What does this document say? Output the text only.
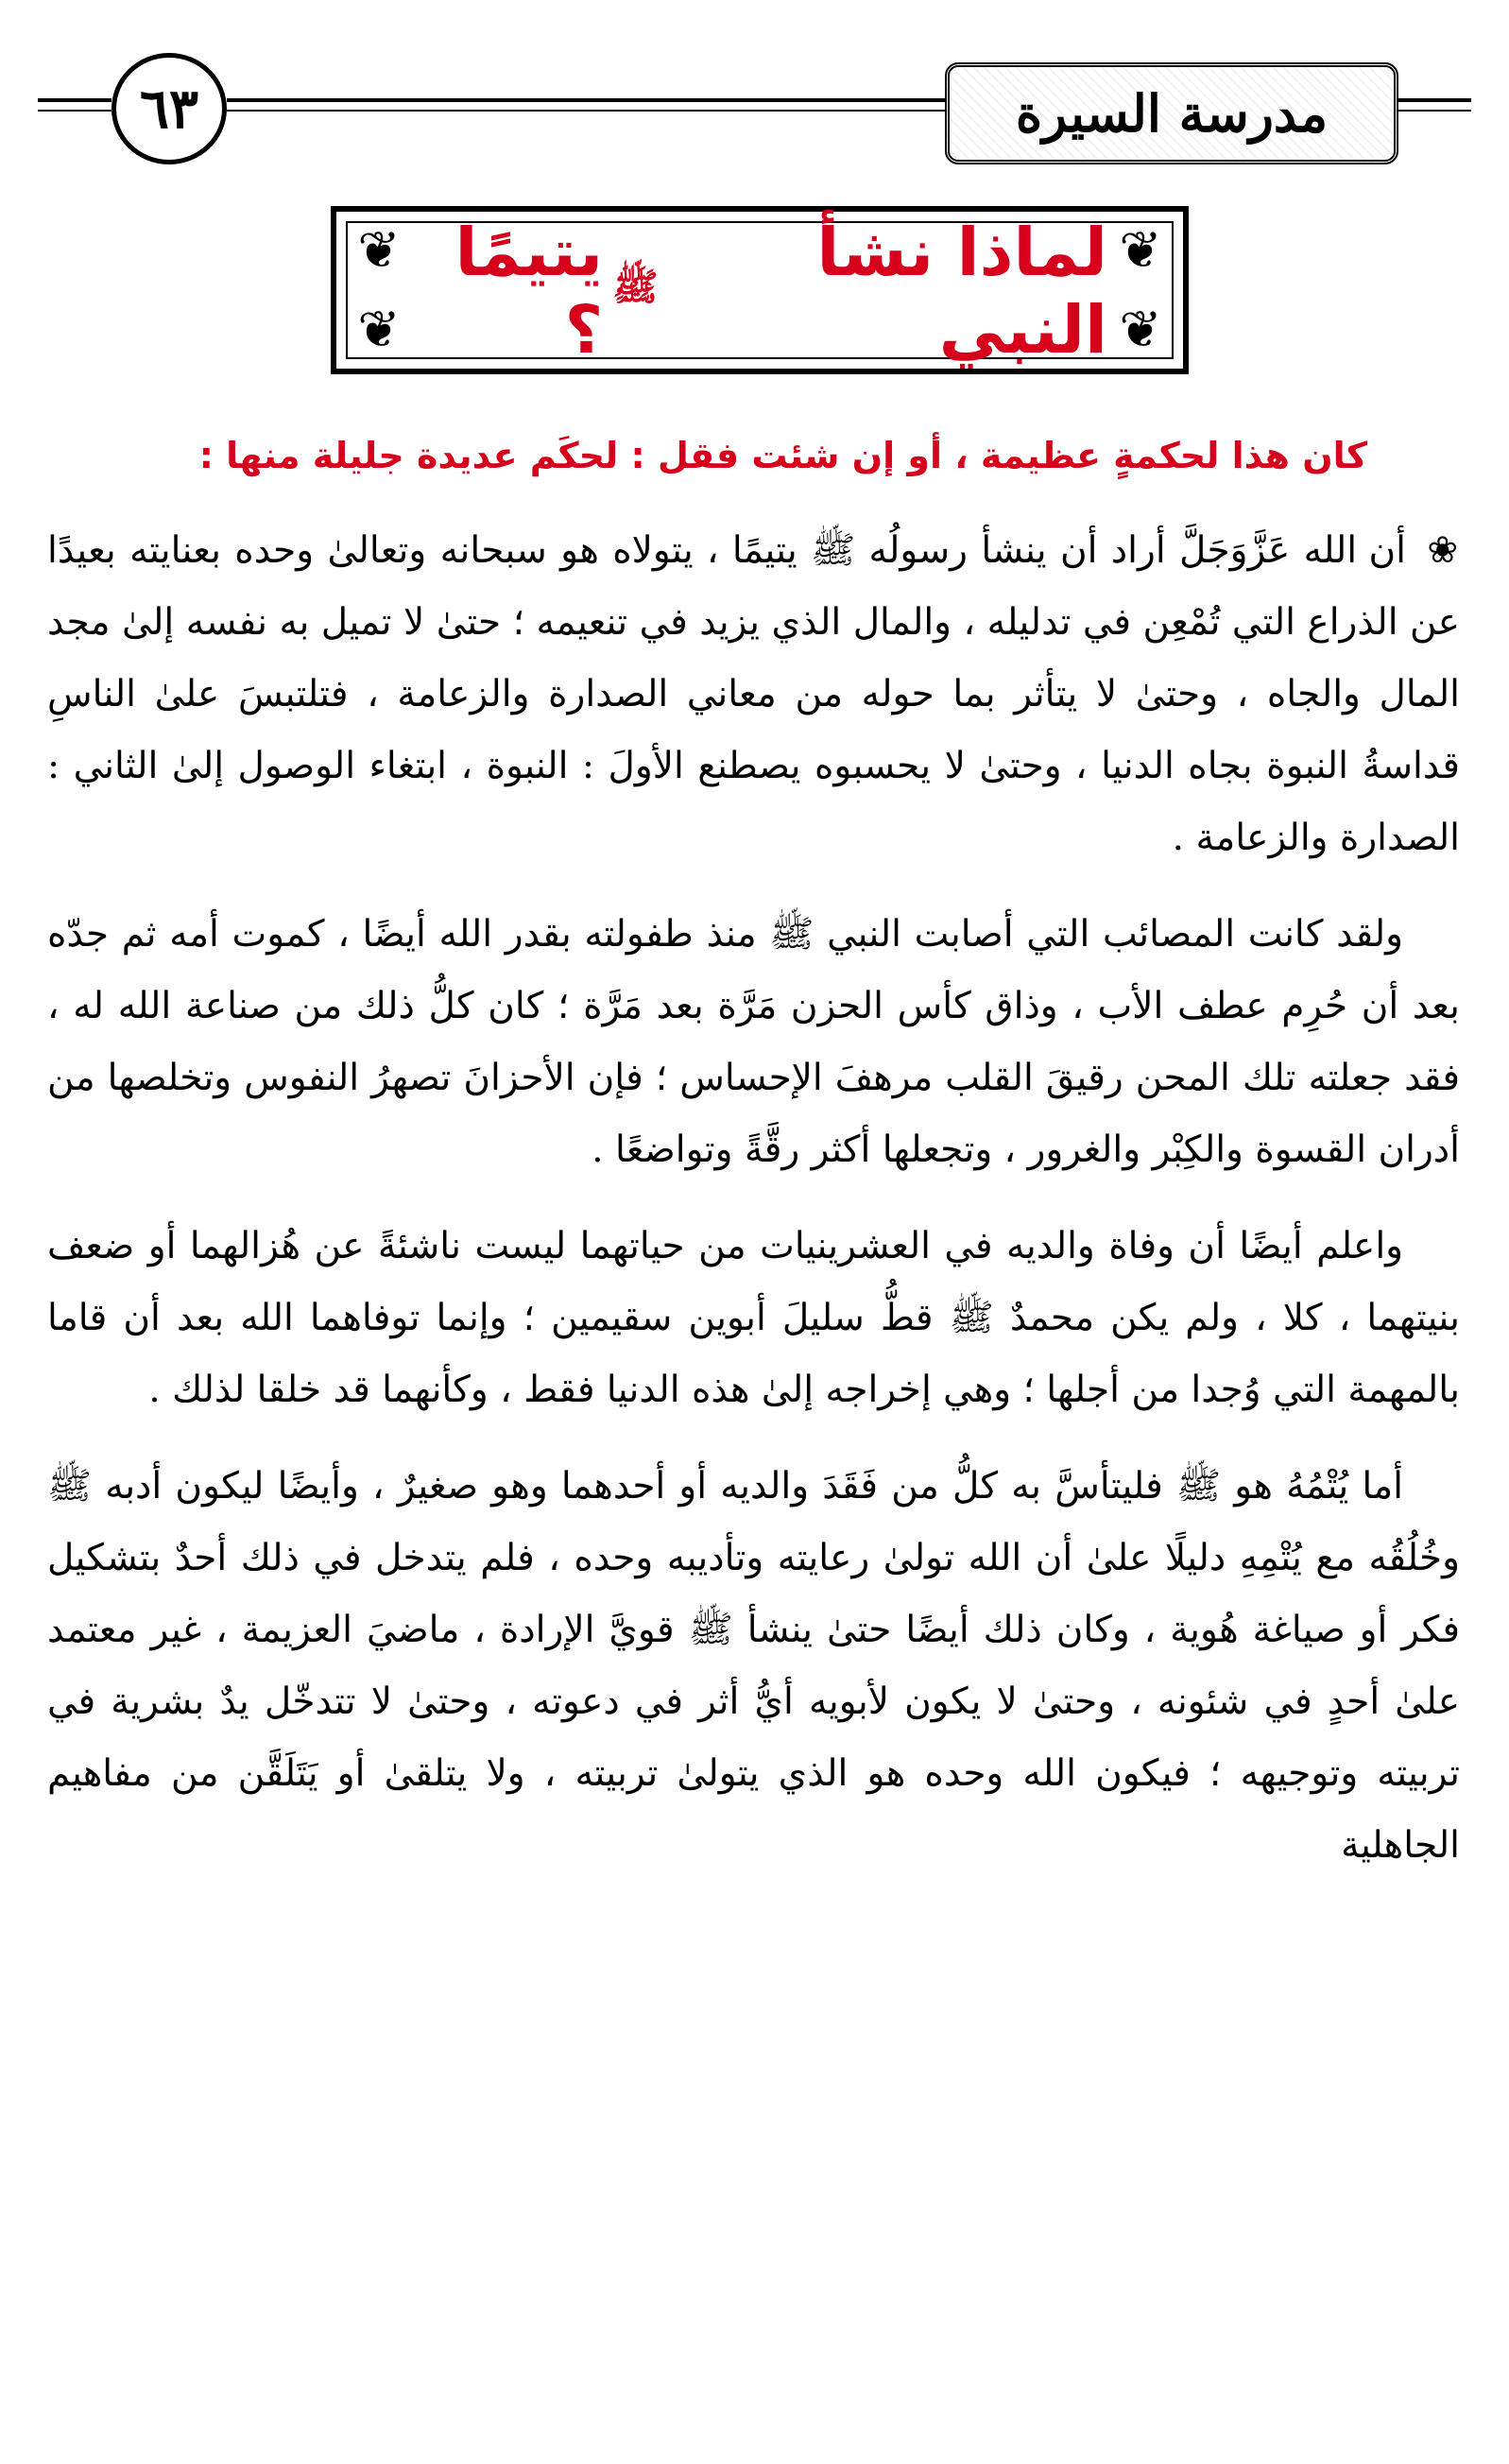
٦٣	مدرسة السيرة
❦	❦
❦	❦
لماذا نشأ النبي
ﷺ
يتيمًا ؟
كان هذا لحكمةٍ عظيمة ، أو إن شئت فقل : لحكَم عديدة جليلة منها :

❀ أن الله عَزَّوَجَلَّ أراد أن ينشأ رسولُه ﷺ يتيمًا ، يتولاه هو سبحانه وتعالىٰ وحده بعنايته بعيدًا عن الذراع التي تُمْعِن في تدليله ، والمال الذي يزيد في تنعيمه ؛ حتىٰ لا تميل به نفسه إلىٰ مجد المال والجاه ، وحتىٰ لا يتأثر بما حوله من معاني الصدارة والزعامة ، فتلتبسَ علىٰ الناسِ قداسةُ النبوة بجاه الدنيا ، وحتىٰ لا يحسبوه يصطنع الأولَ : النبوة ، ابتغاء الوصول إلىٰ الثاني : الصدارة والزعامة .

ولقد كانت المصائب التي أصابت النبي ﷺ منذ طفولته بقدر الله أيضًا ، كموت أمه ثم جدّه بعد أن حُرِم عطف الأب ، وذاق كأس الحزن مَرَّة بعد مَرَّة ؛ كان كلُّ ذلك من صناعة الله له ، فقد جعلته تلك المحن رقيقَ القلب مرهفَ الإحساس ؛ فإن الأحزانَ تصهرُ النفوس وتخلصها من أدران القسوة والكِبْر والغرور ، وتجعلها أكثر رقَّةً وتواضعًا .

واعلم أيضًا أن وفاة والديه في العشرينيات من حياتهما ليست ناشئةً عن هُزالهما أو ضعف بنيتهما ، كلا ، ولم يكن محمدٌ ﷺ قطُّ سليلَ أبوين سقيمين ؛ وإنما توفاهما الله بعد أن قاما بالمهمة التي وُجدا من أجلها ؛ وهي إخراجه إلىٰ هذه الدنيا فقط ، وكأنهما قد خلقا لذلك .

أما يُتْمُهُ هو ﷺ فليتأسَّ به كلُّ من فَقَدَ والديه أو أحدهما وهو صغيرٌ ، وأيضًا ليكون أدبه ﷺ وخُلُقُه مع يُتْمِهِ دليلًا علىٰ أن الله تولىٰ رعايته وتأديبه وحده ، فلم يتدخل في ذلك أحدٌ بتشكيل فكر أو صياغة هُوية ، وكان ذلك أيضًا حتىٰ ينشأ ﷺ قويَّ الإرادة ، ماضيَ العزيمة ، غير معتمد علىٰ أحدٍ في شئونه ، وحتىٰ لا يكون لأبويه أيُّ أثر في دعوته ، وحتىٰ لا تتدخّل يدٌ بشرية في تربيته وتوجيهه ؛ فيكون الله وحده هو الذي يتولىٰ تربيته ، ولا يتلقىٰ أو يَتَلَقَّن من مفاهيم الجاهلية
